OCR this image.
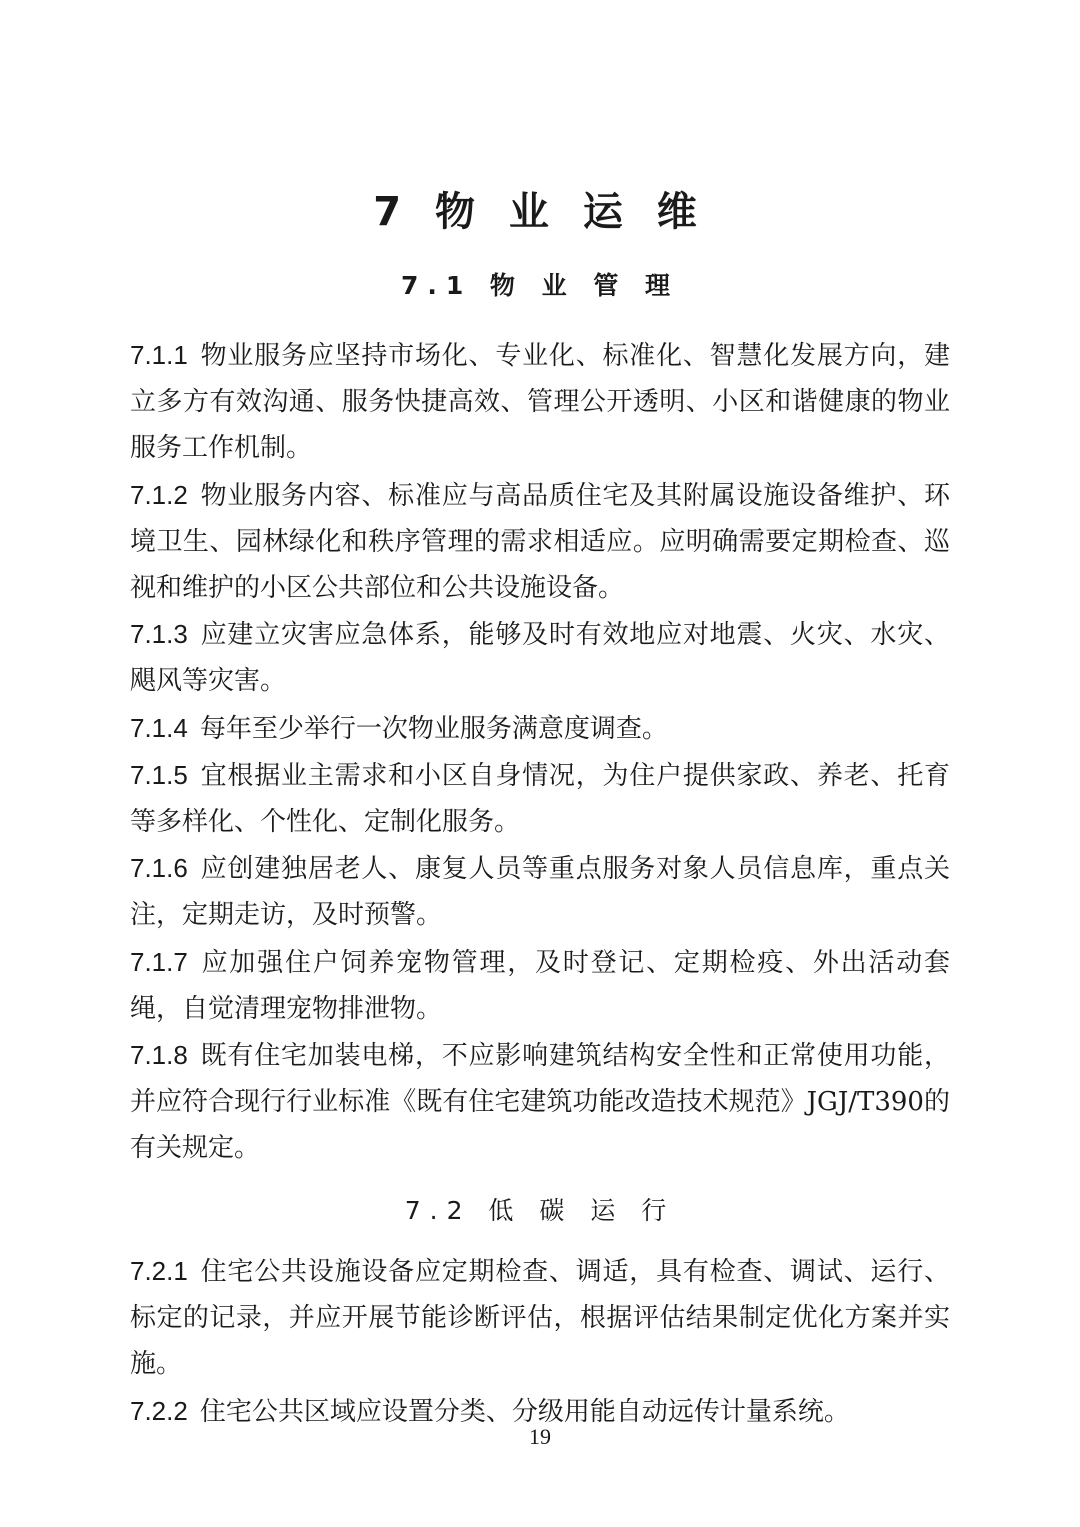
7 物 业 运 维
7.1 物 业 管 理

7.1.1 物业服务应坚持市场化、专业化、标准化、智慧化发展方向，建立多方有效沟通、服务快捷高效、管理公开透明、小区和谐健康的物业服务工作机制。

7.1.2 物业服务内容、标准应与高品质住宅及其附属设施设备维护、环境卫生、园林绿化和秩序管理的需求相适应。应明确需要定期检查、巡视和维护的小区公共部位和公共设施设备。

7.1.3 应建立灾害应急体系，能够及时有效地应对地震、火灾、水灾、飓风等灾害。

7.1.4 每年至少举行一次物业服务满意度调查。

7.1.5 宜根据业主需求和小区自身情况，为住户提供家政、养老、托育等多样化、个性化、定制化服务。

7.1.6 应创建独居老人、康复人员等重点服务对象人员信息库，重点关注，定期走访，及时预警。

7.1.7 应加强住户饲养宠物管理，及时登记、定期检疫、外出活动套绳，自觉清理宠物排泄物。

7.1.8 既有住宅加装电梯，不应影响建筑结构安全性和正常使用功能，并应符合现行行业标准《既有住宅建筑功能改造技术规范》JGJ/T390的有关规定。

7.2 低 碳 运 行

7.2.1 住宅公共设施设备应定期检查、调适，具有检查、调试、运行、标定的记录，并应开展节能诊断评估，根据评估结果制定优化方案并实施。

7.2.2 住宅公共区域应设置分类、分级用能自动远传计量系统。

19
